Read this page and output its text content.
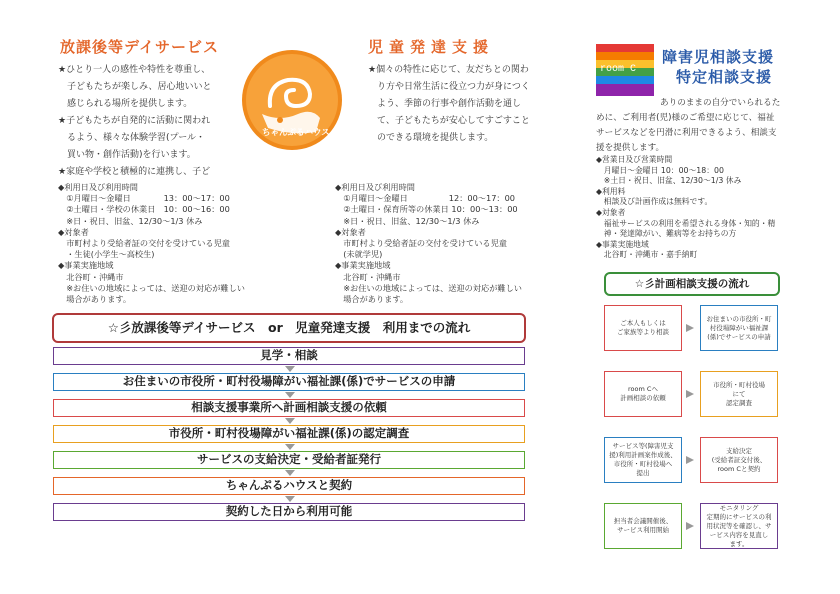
放課後等デイサービス
★ひとり一人の感性や特性を尊重し、
　子どもたちが楽しみ、居心地いいと
　感じられる場所を提供します。
★子どもたちが自発的に活動に関われ
　るよう、様々な体験学習(プール・
　買い物・創作活動)を行います。
★家庭や学校と積極的に連携し、子ど
ちゃんぷるハウス
児童発達支援
★個々の特性に応じて、友だちとの関わ
　り方や日常生活に役立つ力が身につく
　よう、季節の行事や創作活動を通し
　て、子どもたちが安心してすごすこと
　のできる環境を提供します。
◆利用日及び利用時間
　①月曜日～金曜日　　　　13：00～17：00
　②土曜日・学校の休業日　10：00～16：00
　※日・祝日、旧盆、12/30～1/3 休み
◆対象者
　市町村より受給者証の交付を受けている児童
　・生徒(小学生～高校生)
◆事業実施地域
　北谷町・沖縄市
　※お住いの地域によっては、送迎の対応が難しい
　場合があります。
◆利用日及び利用時間
　①月曜日～金曜日　　　　　12：00～17：00
　②土曜日・保育所等の休業日 10：00～13：00
　※日・祝日、旧盆、12/30～1/3 休み
◆対象者
　市町村より受給者証の交付を受けている児童
　(未就学児)
◆事業実施地域
　北谷町・沖縄市
　※お住いの地域によっては、送迎の対応が難しい
　場合があります。
☆彡放課後等デイサービス　or　児童発達支援　利用までの流れ
見学・相談
お住まいの市役所・町村役場障がい福祉課(係)でサービスの申請
相談支援事業所へ計画相談支援の依頼
市役所・町村役場障がい福祉課(係)の認定調査
サービスの支給決定・受給者証発行
ちゃんぷるハウスと契約
契約した日から利用可能
room C
障害児相談支援
特定相談支援
ありのままの自分でいられるた
めに、ご利用者(児)様のご希望に応じて、福祉
サービスなどを円滑に利用できるよう、相談支
援を提供します。
◆営業日及び営業時間
　月曜日～金曜日 10：00～18：00
　※土日・祝日、旧盆、12/30～1/3 休み
◆利用料
　相談及び計画作成は無料です。
◆対象者
　福祉サービスの利用を希望される身体・知的・精
　神・発達障がい、難病等をお持ちの方
◆事業実施地域
　北谷町・沖縄市・嘉手納町
☆彡計画相談支援の流れ
ご本人もしくは
ご家族等より相談
お住まいの市役所・町
村役場障がい福祉課
(係)でサービスの申請
room Cへ
計画相談の依頼
市役所・町村役場
にて
認定調査
サービス等(障害児支
援)利用計画案作成後、
市役所・町村役場へ
提出
支給決定
(受給者証交付後、
room Cと契約
担当者会議開催後、
サービス利用開始
モニタリング
定期的にサービスの利
用状況等を確認し、サ
ービス内容を見直し
ます。
